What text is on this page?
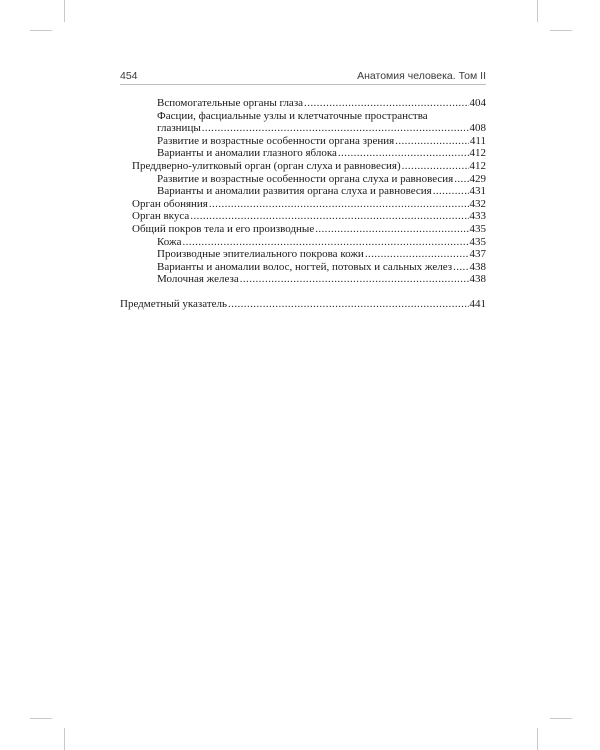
454	Анатомия человека. Том II
Вспомогательные органы глаза .....	404
Фасции, фасциальные узлы и клетчаточные пространства
глазницы .....	408
Развитие и возрастные особенности органа зрения .....	411
Варианты и аномалии глазного яблока .....	412
Преддверно-улитковый орган (орган слуха и равновесия) .....	412
Развитие и возрастные особенности органа слуха и равновесия ..... 429
Варианты и аномалии развития органа слуха и равновесия .....	431
Орган обоняния .....	432
Орган вкуса .....	433
Общий покров тела и его производные .....	435
Кожа .....	435
Производные эпителиального покрова кожи .....	437
Варианты и аномалии волос, ногтей, потовых и сальных желез ..... 438
Молочная железа .....	438
Предметный указатель .....	441
